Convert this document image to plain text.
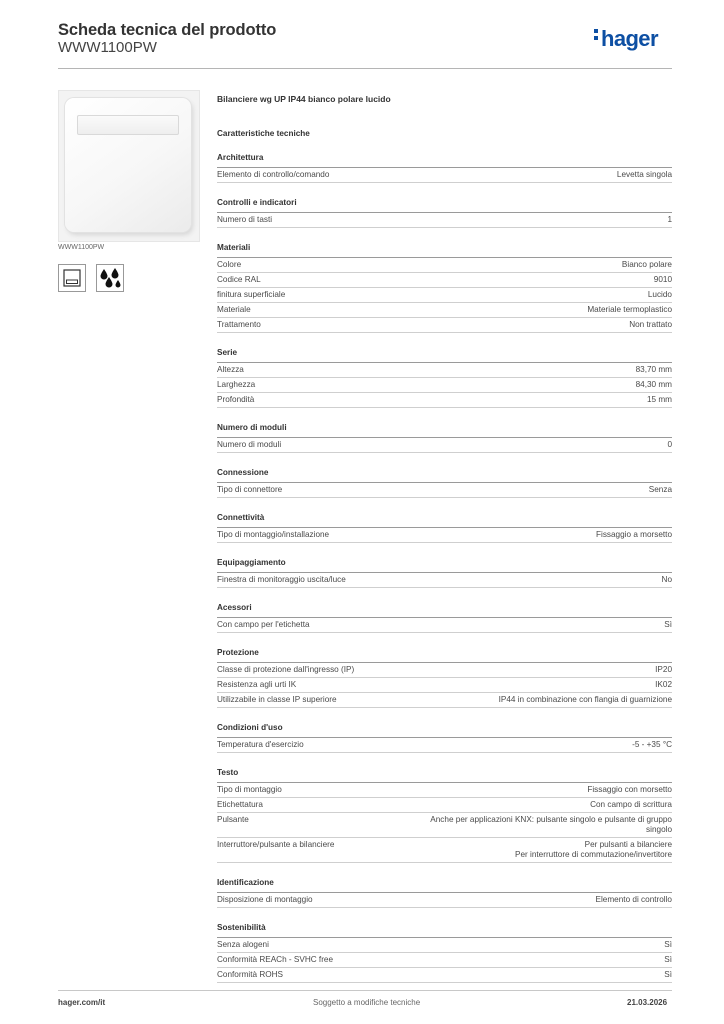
Scheda tecnica del prodotto
WWW1100PW	hager
WWW1100PW
Bilanciere wg UP IP44 bianco polare lucido
Caratteristiche tecniche
Architettura
Elemento di controllo/comando	Levetta singola
Controlli e indicatori
Numero di tasti	1
Materiali
Colore	Bianco polare
Codice RAL	9010
finitura superficiale	Lucido
Materiale	Materiale termoplastico
Trattamento	Non trattato
Serie
Altezza	83,70 mm
Larghezza	84,30 mm
Profondità	15 mm
Numero di moduli
Numero di moduli	0
Connessione
Tipo di connettore	Senza
Connettività
Tipo di montaggio/installazione	Fissaggio a morsetto
Equipaggiamento
Finestra di monitoraggio uscita/luce	No
Acessori
Con campo per l'etichetta	Sì
Protezione
Classe di protezione dall'ingresso (IP)	IP20
Resistenza agli urti IK	IK02
Utilizzabile in classe IP superiore	IP44 in combinazione con flangia di guarnizione
Condizioni d'uso
Temperatura d'esercizio	-5 - +35 °C
Testo
Tipo di montaggio	Fissaggio con morsetto
Etichettatura	Con campo di scrittura
Pulsante	Anche per applicazioni KNX: pulsante singolo e pulsante di gruppo
singolo
Interruttore/pulsante a bilanciere	Per pulsanti a bilanciere
Per interruttore di commutazione/invertitore
Identificazione
Disposizione di montaggio	Elemento di controllo
Sostenibilità
Senza alogeni	Sì
Conformità REACh - SVHC free	Sì
Conformità ROHS	Sì
hager.com/it	Soggetto a modifiche tecniche	21.03.2026
